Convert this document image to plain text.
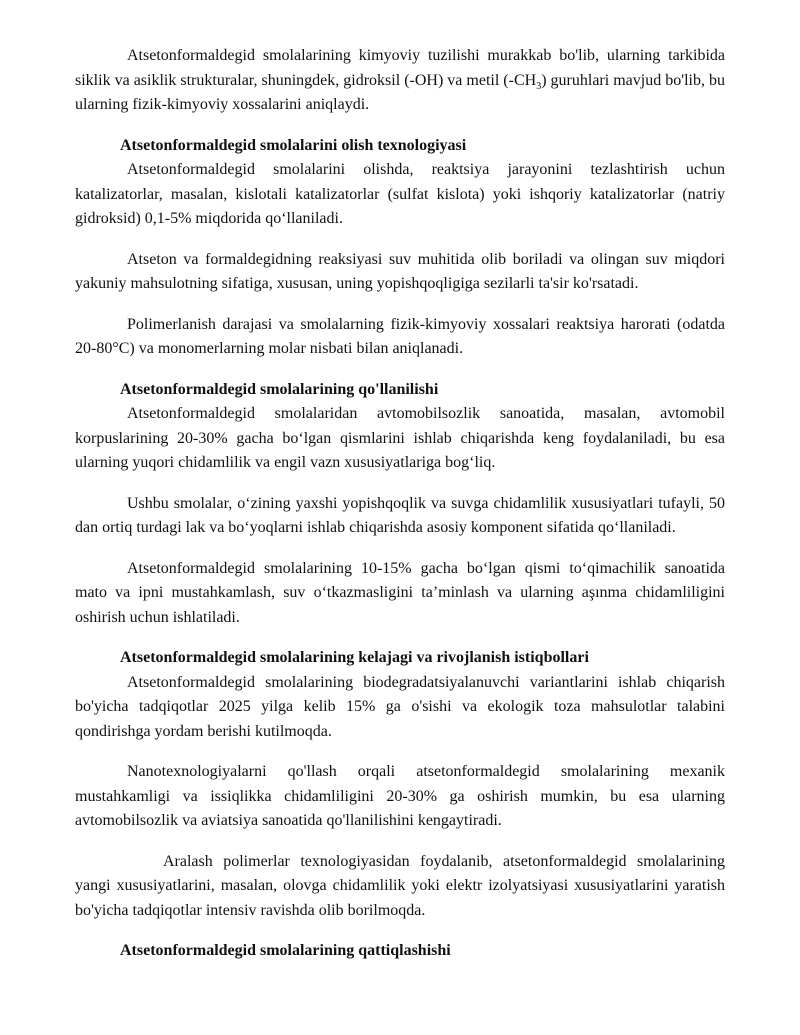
Atsetonformaldegid smolalarining kimyoviy tuzilishi murakkab bo'lib, ularning tarkibida siklik va asiklik strukturalar, shuningdek, gidroksil (-OH) va metil $(-CH_3)$ guruhlari mavjud bo'lib, bu ularning fizik-kimyoviy xossalarini aniqlaydi.

Atsetonformaldegid smolalarini olish texnologiyasi

Atsetonformaldegid smolalarini olishda, reaktsiya jarayonini tezlashtirish uchun katalizatorlar, masalan, kislotali katalizatorlar (sulfat kislota) yoki ishqoriy katalizatorlar (natriy gidroksid) 0,1-5% miqdorida qo‘llaniladi.

Atseton va formaldegidning reaksiyasi suv muhitida olib boriladi va olingan suv miqdori yakuniy mahsulotning sifatiga, xususan, uning yopishqoqligiga sezilarli ta'sir ko'rsatadi.

Polimerlanish darajasi va smolalarning fizik-kimyoviy xossalari reaktsiya harorati (odatda 20-80°C) va monomerlarning molar nisbati bilan aniqlanadi.

Atsetonformaldegid smolalarining qo'llanilishi

Atsetonformaldegid smolalaridan avtomobilsozlik sanoatida, masalan, avtomobil korpuslarining 20-30% gacha bo‘lgan qismlarini ishlab chiqarishda keng foydalaniladi, bu esa ularning yuqori chidamlilik va engil vazn xususiyatlariga bog‘liq.

Ushbu smolalar, o‘zining yaxshi yopishqoqlik va suvga chidamlilik xususiyatlari tufayli, 50 dan ortiq turdagi lak va bo‘yoqlarni ishlab chiqarishda asosiy komponent sifatida qo‘llaniladi.

Atsetonformaldegid smolalarining 10-15% gacha bo‘lgan qismi to‘qimachilik sanoatida mato va ipni mustahkamlash, suv o‘tkazmasligini ta’minlash va ularning aşınma chidamliligini oshirish uchun ishlatiladi.

Atsetonformaldegid smolalarining kelajagi va rivojlanish istiqbollari

Atsetonformaldegid smolalarining biodegradatsiyalanuvchi variantlarini ishlab chiqarish bo'yicha tadqiqotlar 2025 yilga kelib 15% ga o'sishi va ekologik toza mahsulotlar talabini qondirishga yordam berishi kutilmoqda.

Nanotexnologiyalarni qo'llash orqali atsetonformaldegid smolalarining mexanik mustahkamligi va issiqlikka chidamliligini 20-30% ga oshirish mumkin, bu esa ularning avtomobilsozlik va aviatsiya sanoatida qo'llanilishini kengaytiradi.

Aralash polimerlar texnologiyasidan foydalanib, atsetonformaldegid smolalarining yangi xususiyatlarini, masalan, olovga chidamlilik yoki elektr izolyatsiyasi xususiyatlarini yaratish bo'yicha tadqiqotlar intensiv ravishda olib borilmoqda.

Atsetonformaldegid smolalarining qattiqlashishi
